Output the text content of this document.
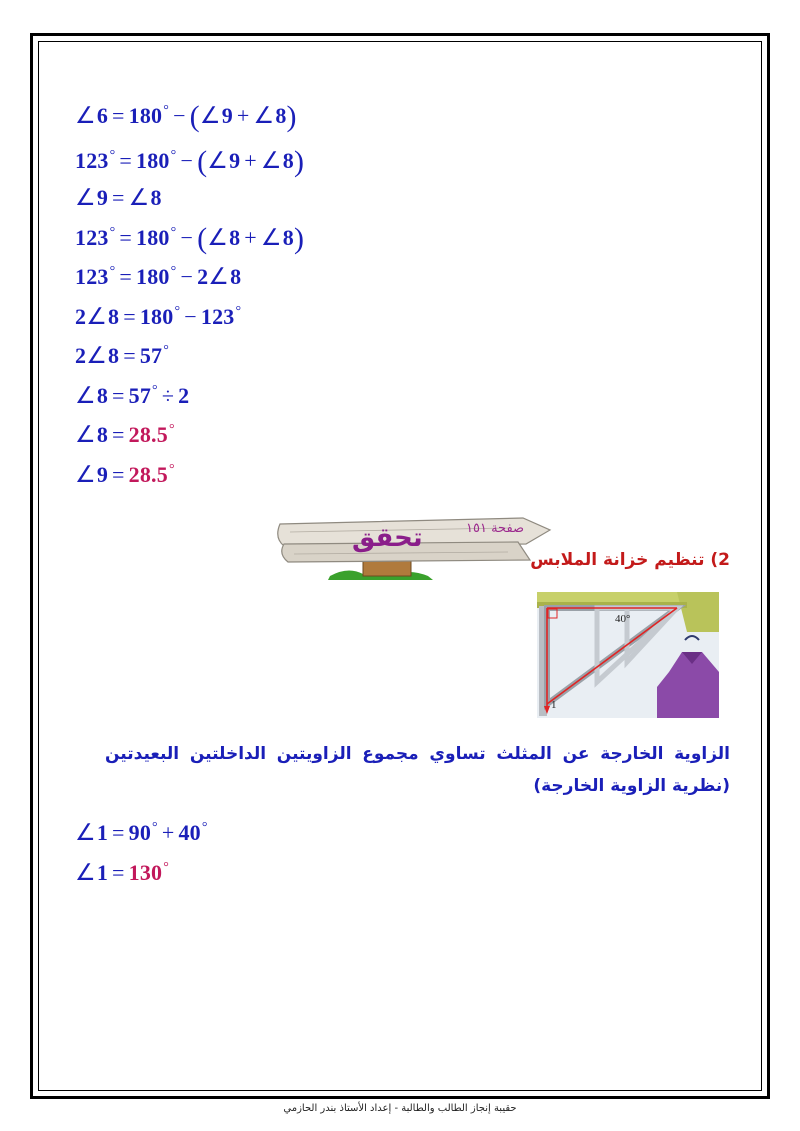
∠6 = 180° − (∠9 + ∠8)
123° = 180° − (∠9 + ∠8)
∠9 = ∠8
123° = 180° − (∠8 + ∠8)
123° = 180° − 2∠8
2∠8 = 180° − 123°
2∠8 = 57°
∠8 = 57° ÷ 2
∠8 = 28.5°
∠9 = 28.5°
صفحة ١٥١
تحقق
2) تنظيم خزانة الملابس
40°
1
الزاوية الخارجة عن المثلث تساوي مجموع الزاويتين الداخلتين البعيدتين (نظرية الزاوية الخارجة)
∠1 = 90° + 40°
∠1 = 130°
حقيبة إنجاز الطالب والطالبة - إعداد الأستاذ بندر الحازمي
